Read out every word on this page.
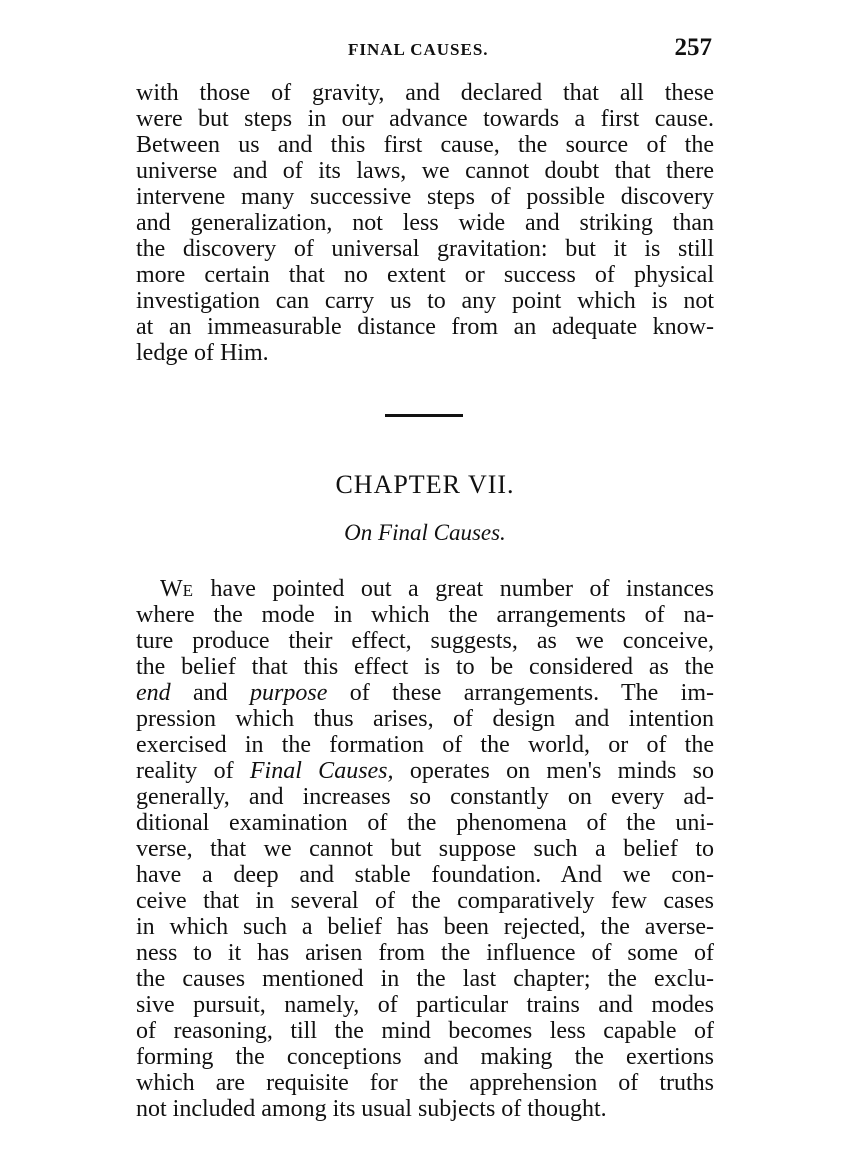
FINAL CAUSES.	257
with those of gravity, and declared that all these
were but steps in our advance towards a first cause.
Between us and this first cause, the source of the
universe and of its laws, we cannot doubt that there
intervene many successive steps of possible discovery
and generalization, not less wide and striking than
the discovery of universal gravitation: but it is still
more certain that no extent or success of physical
investigation can carry us to any point which is not
at an immeasurable distance from an adequate know-
ledge of Him.
CHAPTER VII.
On Final Causes.
WE have pointed out a great number of instances
where the mode in which the arrangements of na-
ture produce their effect, suggests, as we conceive,
the belief that this effect is to be considered as the
end and purpose of these arrangements. The im-
pression which thus arises, of design and intention
exercised in the formation of the world, or of the
reality of Final Causes, operates on men's minds so
generally, and increases so constantly on every ad-
ditional examination of the phenomena of the uni-
verse, that we cannot but suppose such a belief to
have a deep and stable foundation. And we con-
ceive that in several of the comparatively few cases
in which such a belief has been rejected, the averse-
ness to it has arisen from the influence of some of
the causes mentioned in the last chapter; the exclu-
sive pursuit, namely, of particular trains and modes
of reasoning, till the mind becomes less capable of
forming the conceptions and making the exertions
which are requisite for the apprehension of truths
not included among its usual subjects of thought.
